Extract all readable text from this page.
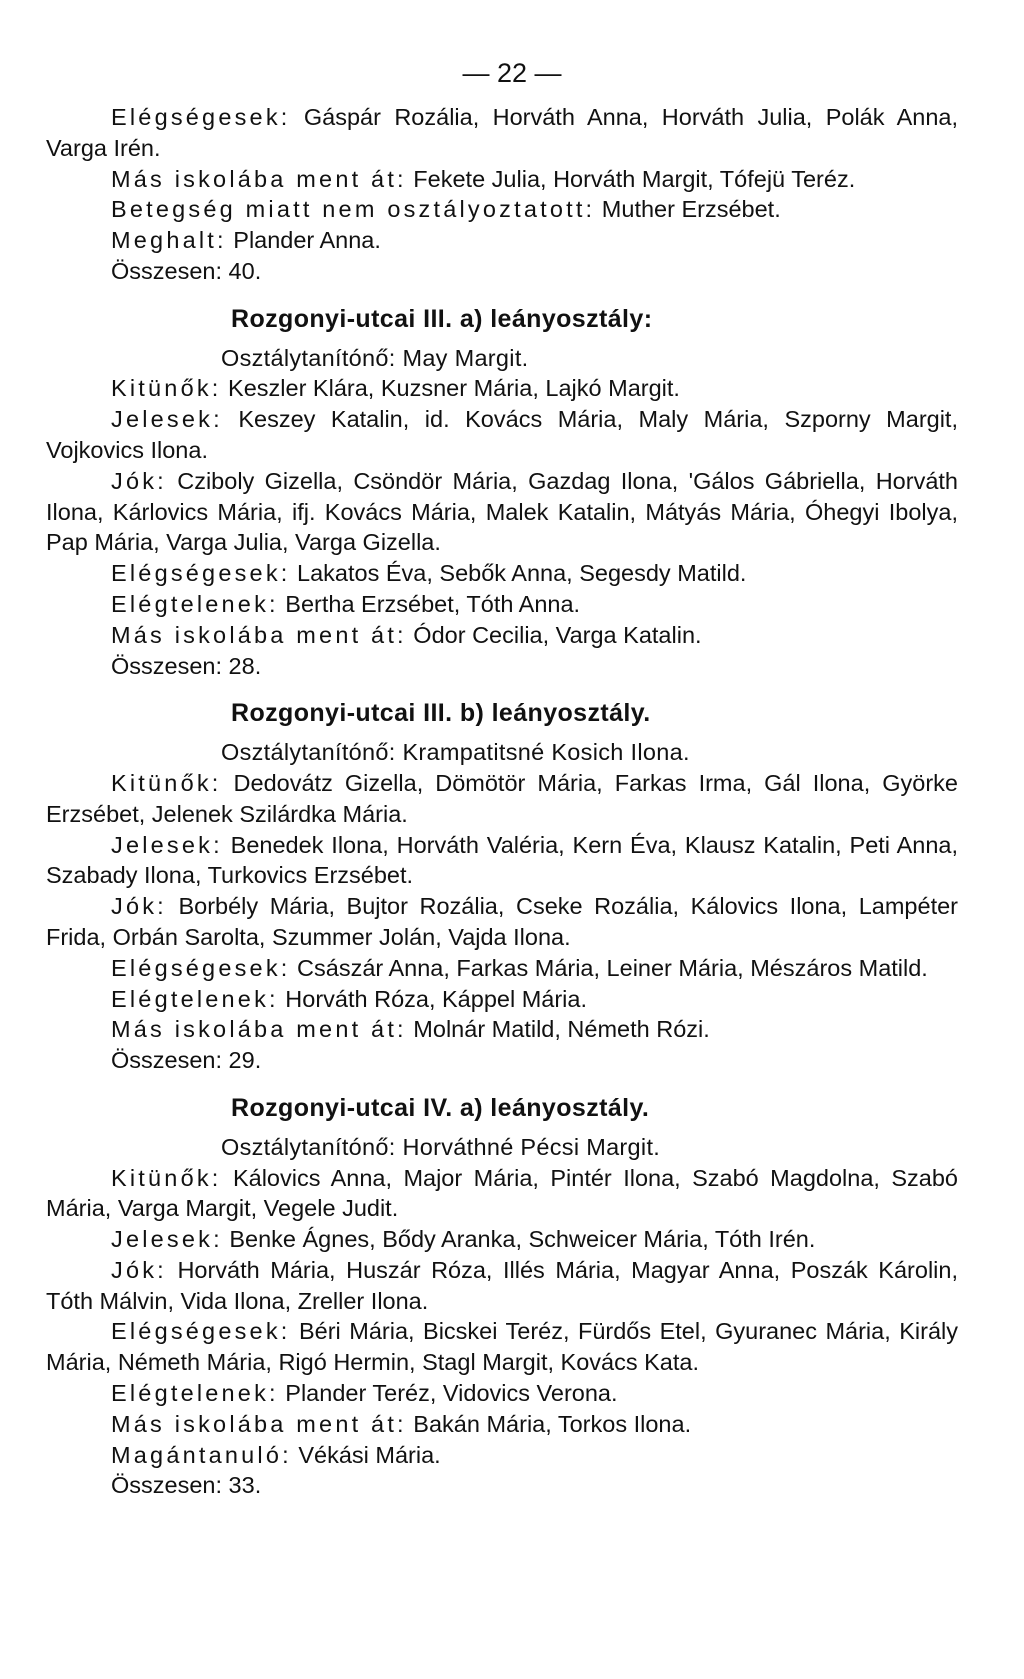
— 22 —

Elégségesek: Gáspár Rozália, Horváth Anna, Horváth Julia, Polák Anna, Varga Irén.

Más iskolába ment át: Fekete Julia, Horváth Margit, Tófejü Teréz.

Betegség miatt nem osztályoztatott: Muther Erzsébet.

Meghalt: Plander Anna.

Összesen: 40.

Rozgonyi-utcai III. a) leányosztály:

Osztálytanítónő: May Margit.

Kitünők: Keszler Klára, Kuzsner Mária, Lajkó Margit.

Jelesek: Keszey Katalin, id. Kovács Mária, Maly Mária, Szporny Margit, Vojkovics Ilona.

Jók: Cziboly Gizella, Csöndör Mária, Gazdag Ilona, 'Gálos Gábriella, Horváth Ilona, Kárlovics Mária, ifj. Kovács Mária, Malek Katalin, Mátyás Mária, Óhegyi Ibolya, Pap Mária, Varga Julia, Varga Gizella.

Elégségesek: Lakatos Éva, Sebők Anna, Segesdy Matild.

Elégtelenek: Bertha Erzsébet, Tóth Anna.

Más iskolába ment át: Ódor Cecilia, Varga Katalin.

Összesen: 28.

Rozgonyi-utcai III. b) leányosztály.

Osztálytanítónő: Krampatitsné Kosich Ilona.

Kitünők: Dedovátz Gizella, Dömötör Mária, Farkas Irma, Gál Ilona, Györke Erzsébet, Jelenek Szilárdka Mária.

Jelesek: Benedek Ilona, Horváth Valéria, Kern Éva, Klausz Katalin, Peti Anna, Szabady Ilona, Turkovics Erzsébet.

Jók: Borbély Mária, Bujtor Rozália, Cseke Rozália, Kálovics Ilona, Lampéter Frida, Orbán Sarolta, Szummer Jolán, Vajda Ilona.

Elégségesek: Császár Anna, Farkas Mária, Leiner Mária, Mészáros Matild.

Elégtelenek: Horváth Róza, Káppel Mária.

Más iskolába ment át: Molnár Matild, Németh Rózi.

Összesen: 29.

Rozgonyi-utcai IV. a) leányosztály.

Osztálytanítónő: Horváthné Pécsi Margit.

Kitünők: Kálovics Anna, Major Mária, Pintér Ilona, Szabó Magdolna, Szabó Mária, Varga Margit, Vegele Judit.

Jelesek: Benke Ágnes, Bődy Aranka, Schweicer Mária, Tóth Irén.

Jók: Horváth Mária, Huszár Róza, Illés Mária, Magyar Anna, Poszák Károlin, Tóth Málvin, Vida Ilona, Zreller Ilona.

Elégségesek: Béri Mária, Bicskei Teréz, Fürdős Etel, Gyuranec Mária, Király Mária, Németh Mária, Rigó Hermin, Stagl Margit, Kovács Kata.

Elégtelenek: Plander Teréz, Vidovics Verona.

Más iskolába ment át: Bakán Mária, Torkos Ilona.

Magántanuló: Vékási Mária.

Összesen: 33.
